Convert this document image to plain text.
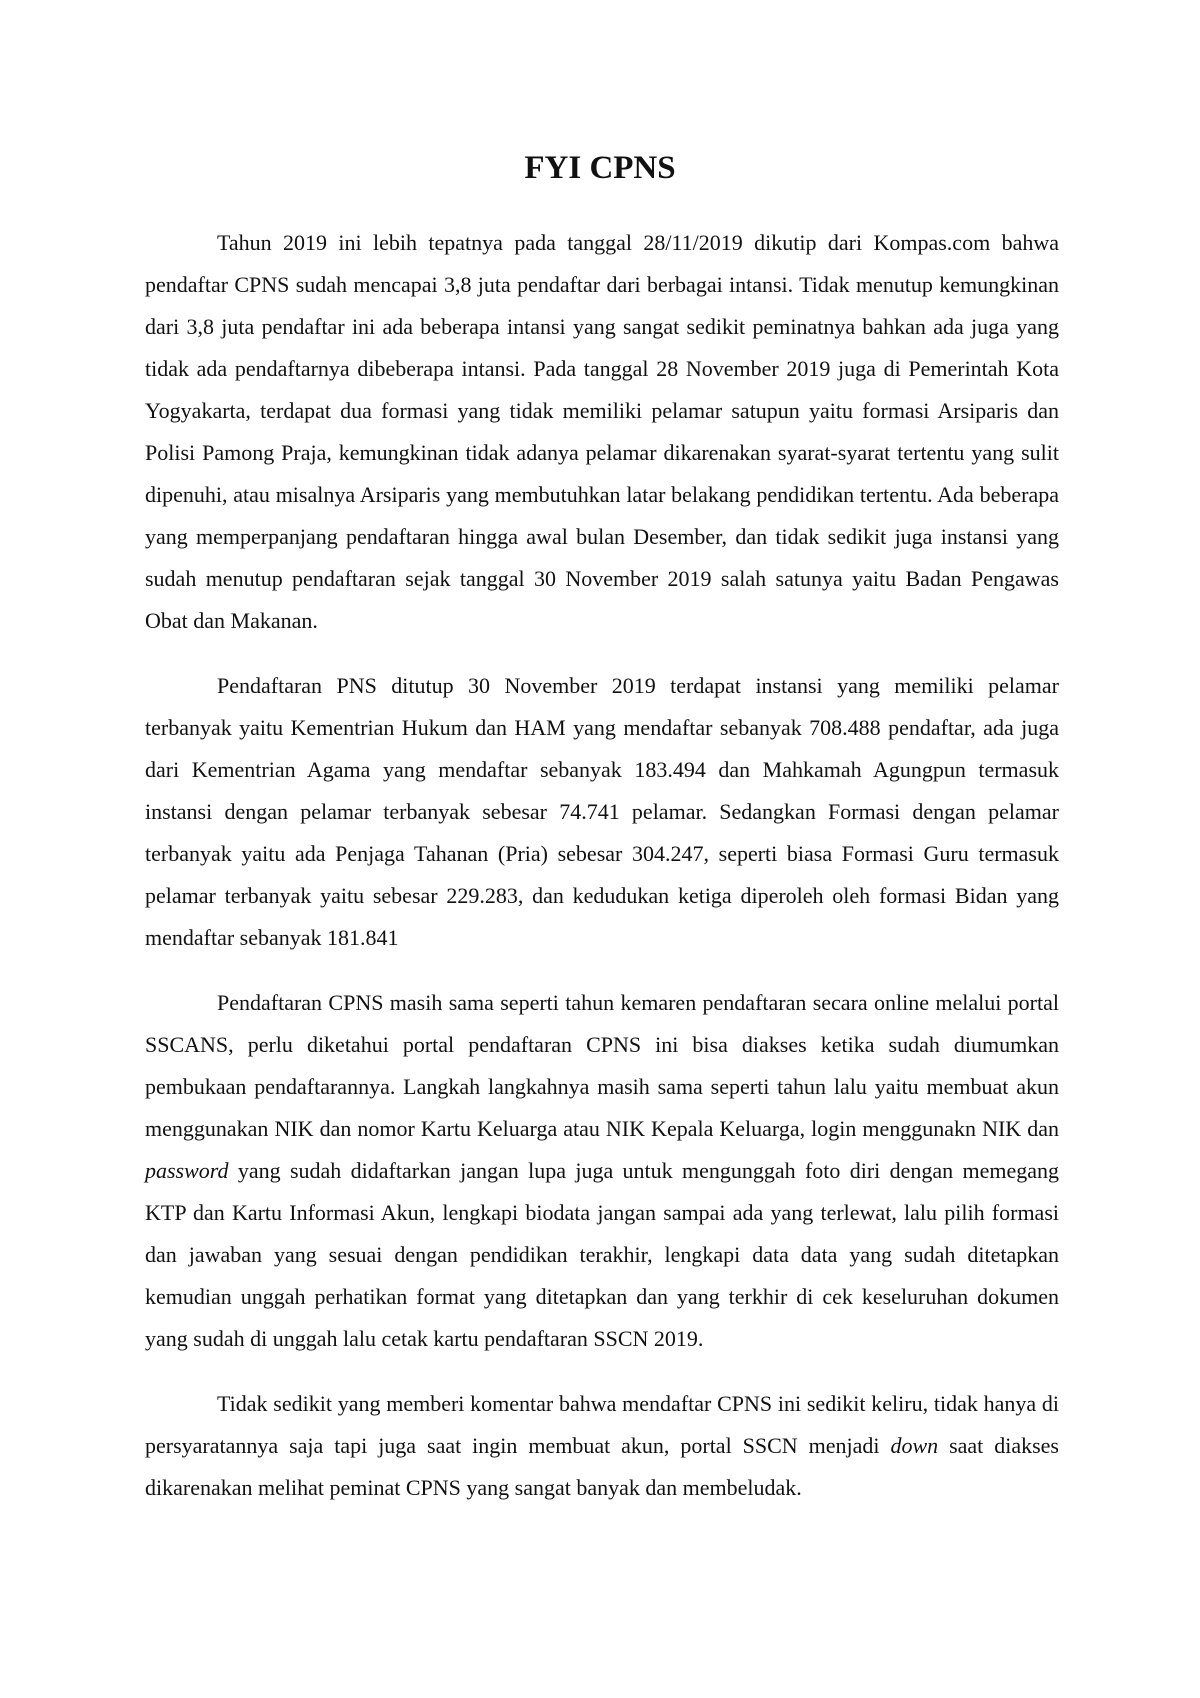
FYI CPNS

Tahun 2019 ini lebih tepatnya pada tanggal 28/11/2019 dikutip dari Kompas.com bahwa pendaftar CPNS sudah mencapai 3,8 juta pendaftar dari berbagai intansi. Tidak menutup kemungkinan dari 3,8 juta pendaftar ini ada beberapa intansi yang sangat sedikit peminatnya bahkan ada juga yang tidak ada pendaftarnya dibeberapa intansi. Pada tanggal 28 November 2019 juga di Pemerintah Kota Yogyakarta, terdapat dua formasi yang tidak memiliki pelamar satupun yaitu formasi Arsiparis dan Polisi Pamong Praja, kemungkinan tidak adanya pelamar dikarenakan syarat-syarat tertentu yang sulit dipenuhi, atau misalnya Arsiparis yang membutuhkan latar belakang pendidikan tertentu. Ada beberapa yang memperpanjang pendaftaran hingga awal bulan Desember, dan tidak sedikit juga instansi yang sudah menutup pendaftaran sejak tanggal 30 November 2019 salah satunya yaitu Badan Pengawas Obat dan Makanan.

Pendaftaran PNS ditutup 30 November 2019 terdapat instansi yang memiliki pelamar terbanyak yaitu Kementrian Hukum dan HAM yang mendaftar sebanyak 708.488 pendaftar, ada juga dari Kementrian Agama yang mendaftar sebanyak 183.494 dan Mahkamah Agungpun termasuk instansi dengan pelamar terbanyak sebesar 74.741 pelamar. Sedangkan Formasi dengan pelamar terbanyak yaitu ada Penjaga Tahanan (Pria) sebesar 304.247, seperti biasa Formasi Guru termasuk pelamar terbanyak yaitu sebesar 229.283, dan kedudukan ketiga diperoleh oleh formasi Bidan yang mendaftar sebanyak 181.841

Pendaftaran CPNS masih sama seperti tahun kemaren pendaftaran secara online melalui portal SSCANS, perlu diketahui portal pendaftaran CPNS ini bisa diakses ketika sudah diumumkan pembukaan pendaftarannya. Langkah langkahnya masih sama seperti tahun lalu yaitu membuat akun menggunakan NIK dan nomor Kartu Keluarga atau NIK Kepala Keluarga, login menggunakn NIK dan password yang sudah didaftarkan jangan lupa juga untuk mengunggah foto diri dengan memegang KTP dan Kartu Informasi Akun, lengkapi biodata jangan sampai ada yang terlewat, lalu pilih formasi dan jawaban yang sesuai dengan pendidikan terakhir, lengkapi data data yang sudah ditetapkan kemudian unggah perhatikan format yang ditetapkan dan yang terkhir di cek keseluruhan dokumen yang sudah di unggah lalu cetak kartu pendaftaran SSCN 2019.

Tidak sedikit yang memberi komentar bahwa mendaftar CPNS ini sedikit keliru, tidak hanya di persyaratannya saja tapi juga saat ingin membuat akun, portal SSCN menjadi down saat diakses dikarenakan melihat peminat CPNS yang sangat banyak dan membeludak.
